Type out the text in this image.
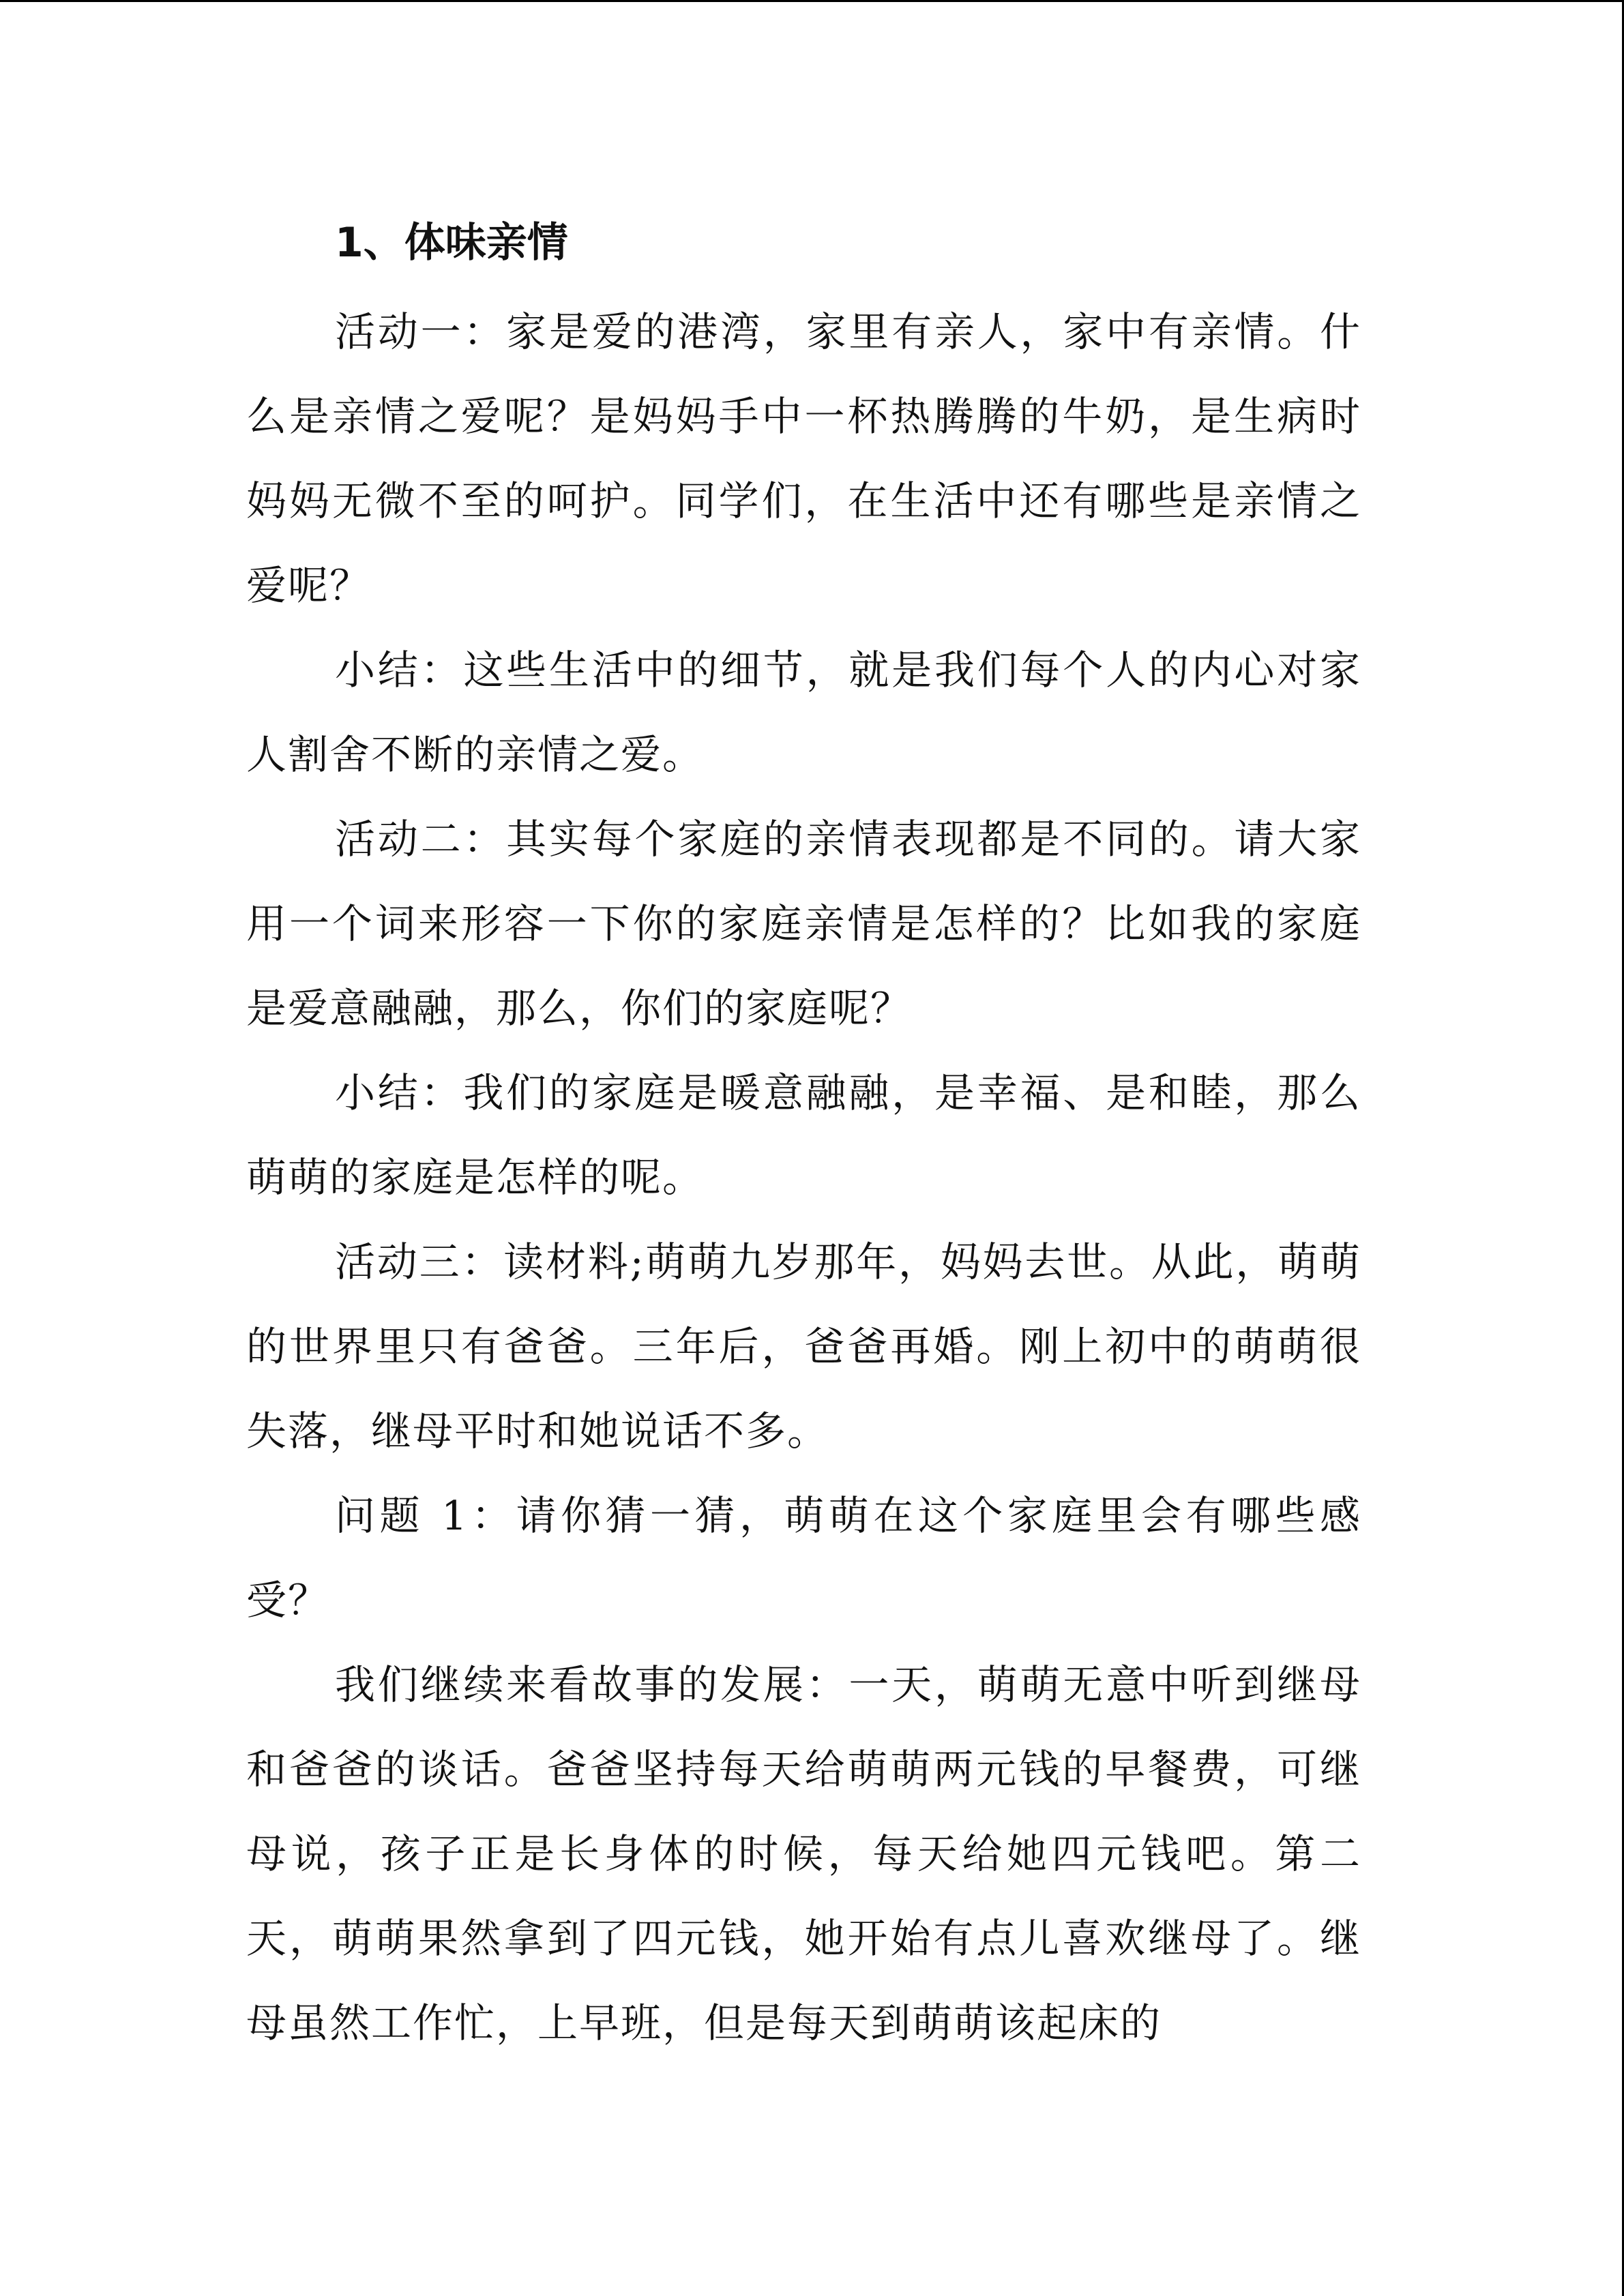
1、体味亲情

活动一：家是爱的港湾，家里有亲人，家中有亲情。什么是亲情之爱呢？是妈妈手中一杯热腾腾的牛奶，是生病时妈妈无微不至的呵护。同学们，在生活中还有哪些是亲情之爱呢？

小结：这些生活中的细节，就是我们每个人的内心对家人割舍不断的亲情之爱。

活动二：其实每个家庭的亲情表现都是不同的。请大家用一个词来形容一下你的家庭亲情是怎样的？比如我的家庭是爱意融融，那么，你们的家庭呢？

小结：我们的家庭是暖意融融，是幸福、是和睦，那么萌萌的家庭是怎样的呢。

活动三：读材料;萌萌九岁那年，妈妈去世。从此，萌萌的世界里只有爸爸。三年后，爸爸再婚。刚上初中的萌萌很失落，继母平时和她说话不多。

问题 1：请你猜一猜，萌萌在这个家庭里会有哪些感受？

我们继续来看故事的发展：一天，萌萌无意中听到继母和爸爸的谈话。爸爸坚持每天给萌萌两元钱的早餐费，可继母说，孩子正是长身体的时候，每天给她四元钱吧。第二天，萌萌果然拿到了四元钱，她开始有点儿喜欢继母了。继母虽然工作忙，上早班，但是每天到萌萌该起床的
